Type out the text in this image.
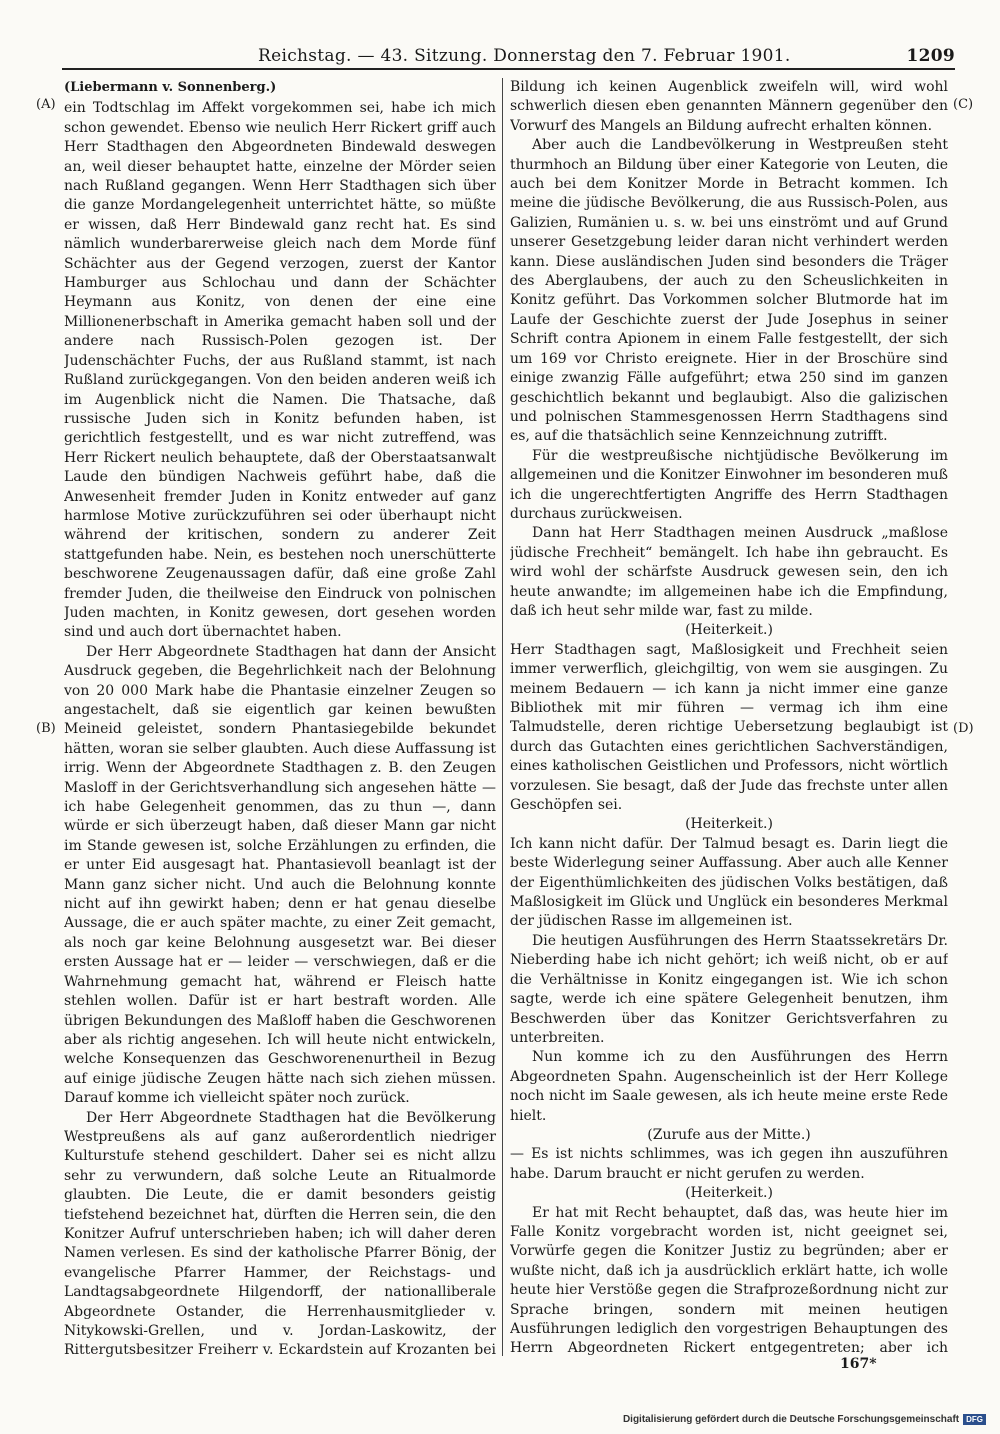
Reichstag. — 43. Sitzung. Donnerstag den 7. Februar 1901.	1209
(A)
(B)
(C)
(D)
(Liebermann v. Sonnenberg.)

ein Todtschlag im Affekt vorgekommen sei, habe ich mich schon gewendet. Ebenso wie neulich Herr Rickert griff auch Herr Stadthagen den Abgeordneten Bindewald deswegen an, weil dieser behauptet hatte, einzelne der Mörder seien nach Rußland gegangen. Wenn Herr Stadthagen sich über die ganze Mordangelegenheit unterrichtet hätte, so müßte er wissen, daß Herr Bindewald ganz recht hat. Es sind nämlich wunderbarerweise gleich nach dem Morde fünf Schächter aus der Gegend verzogen, zuerst der Kantor Hamburger aus Schlochau und dann der Schächter Heymann aus Konitz, von denen der eine eine Millionenerbschaft in Amerika gemacht haben soll und der andere nach Russisch-Polen gezogen ist. Der Judenschächter Fuchs, der aus Rußland stammt, ist nach Rußland zurückgegangen. Von den beiden anderen weiß ich im Augenblick nicht die Namen. Die Thatsache, daß russische Juden sich in Konitz befunden haben, ist gerichtlich festgestellt, und es war nicht zutreffend, was Herr Rickert neulich behauptete, daß der Oberstaatsanwalt Laude den bündigen Nachweis geführt habe, daß die Anwesenheit fremder Juden in Konitz entweder auf ganz harmlose Motive zurückzuführen sei oder überhaupt nicht während der kritischen, sondern zu anderer Zeit stattgefunden habe. Nein, es bestehen noch unerschütterte beschworene Zeugenaussagen dafür, daß eine große Zahl fremder Juden, die theilweise den Eindruck von polnischen Juden machten, in Konitz gewesen, dort gesehen worden sind und auch dort übernachtet haben.

Der Herr Abgeordnete Stadthagen hat dann der Ansicht Ausdruck gegeben, die Begehrlichkeit nach der Belohnung von 20 000 Mark habe die Phantasie einzelner Zeugen so angestachelt, daß sie eigentlich gar keinen bewußten Meineid geleistet, sondern Phantasiegebilde bekundet hätten, woran sie selber glaubten. Auch diese Auffassung ist irrig. Wenn der Abgeordnete Stadthagen z. B. den Zeugen Masloff in der Gerichtsverhandlung sich angesehen hätte — ich habe Gelegenheit genommen, das zu thun —, dann würde er sich überzeugt haben, daß dieser Mann gar nicht im Stande gewesen ist, solche Erzählungen zu erfinden, die er unter Eid ausgesagt hat. Phantasievoll beanlagt ist der Mann ganz sicher nicht. Und auch die Belohnung konnte nicht auf ihn gewirkt haben; denn er hat genau dieselbe Aussage, die er auch später machte, zu einer Zeit gemacht, als noch gar keine Belohnung ausgesetzt war. Bei dieser ersten Aussage hat er — leider — verschwiegen, daß er die Wahrnehmung gemacht hat, während er Fleisch hatte stehlen wollen. Dafür ist er hart bestraft worden. Alle übrigen Bekundungen des Maßloff haben die Geschworenen aber als richtig angesehen. Ich will heute nicht entwickeln, welche Konsequenzen das Geschworenenurtheil in Bezug auf einige jüdische Zeugen hätte nach sich ziehen müssen. Darauf komme ich vielleicht später noch zurück.

Der Herr Abgeordnete Stadthagen hat die Bevölkerung Westpreußens als auf ganz außerordentlich niedriger Kulturstufe stehend geschildert. Daher sei es nicht allzu sehr zu verwundern, daß solche Leute an Ritualmorde glaubten. Die Leute, die er damit besonders geistig tiefstehend bezeichnet hat, dürften die Herren sein, die den Konitzer Aufruf unterschrieben haben; ich will daher deren Namen verlesen. Es sind der katholische Pfarrer Bönig, der evangelische Pfarrer Hammer, der Reichstags- und Landtagsabgeordnete Hilgendorff, der nationalliberale Abgeordnete Ostander, die Herrenhausmitglieder v. Nitykowski-Grellen, und v. Jordan-Laskowitz, der Rittergutsbesitzer Freiherr v. Eckardstein auf Krozanten bei

Bildung ich keinen Augenblick zweifeln will, wird wohl schwerlich diesen eben genannten Männern gegenüber den Vorwurf des Mangels an Bildung aufrecht erhalten können.

Aber auch die Landbevölkerung in Westpreußen steht thurmhoch an Bildung über einer Kategorie von Leuten, die auch bei dem Konitzer Morde in Betracht kommen. Ich meine die jüdische Bevölkerung, die aus Russisch-Polen, aus Galizien, Rumänien u. s. w. bei uns einströmt und auf Grund unserer Gesetzgebung leider daran nicht verhindert werden kann. Diese ausländischen Juden sind besonders die Träger des Aberglaubens, der auch zu den Scheuslichkeiten in Konitz geführt. Das Vorkommen solcher Blutmorde hat im Laufe der Geschichte zuerst der Jude Josephus in seiner Schrift contra Apionem in einem Falle festgestellt, der sich um 169 vor Christo ereignete. Hier in der Broschüre sind einige zwanzig Fälle aufgeführt; etwa 250 sind im ganzen geschichtlich bekannt und beglaubigt. Also die galizischen und polnischen Stammesgenossen Herrn Stadthagens sind es, auf die thatsächlich seine Kennzeichnung zutrifft.

Für die westpreußische nichtjüdische Bevölkerung im allgemeinen und die Konitzer Einwohner im besonderen muß ich die ungerechtfertigten Angriffe des Herrn Stadthagen durchaus zurückweisen.

Dann hat Herr Stadthagen meinen Ausdruck „maßlose jüdische Frechheit“ bemängelt. Ich habe ihn gebraucht. Es wird wohl der schärfste Ausdruck gewesen sein, den ich heute anwandte; im allgemeinen habe ich die Empfindung, daß ich heut sehr milde war, fast zu milde.

(Heiterkeit.)

Herr Stadthagen sagt, Maßlosigkeit und Frechheit seien immer verwerflich, gleichgiltig, von wem sie ausgingen. Zu meinem Bedauern — ich kann ja nicht immer eine ganze Bibliothek mit mir führen — vermag ich ihm eine Talmudstelle, deren richtige Uebersetzung beglaubigt ist durch das Gutachten eines gerichtlichen Sachverständigen, eines katholischen Geistlichen und Professors, nicht wörtlich vorzulesen. Sie besagt, daß der Jude das frechste unter allen Geschöpfen sei.

(Heiterkeit.)

Ich kann nicht dafür. Der Talmud besagt es. Darin liegt die beste Widerlegung seiner Auffassung. Aber auch alle Kenner der Eigenthümlichkeiten des jüdischen Volks bestätigen, daß Maßlosigkeit im Glück und Unglück ein besonderes Merkmal der jüdischen Rasse im allgemeinen ist.

Die heutigen Ausführungen des Herrn Staatssekretärs Dr. Nieberding habe ich nicht gehört; ich weiß nicht, ob er auf die Verhältnisse in Konitz eingegangen ist. Wie ich schon sagte, werde ich eine spätere Gelegenheit benutzen, ihm Beschwerden über das Konitzer Gerichtsverfahren zu unterbreiten.

Nun komme ich zu den Ausführungen des Herrn Abgeordneten Spahn. Augenscheinlich ist der Herr Kollege noch nicht im Saale gewesen, als ich heute meine erste Rede hielt.

(Zurufe aus der Mitte.)

— Es ist nichts schlimmes, was ich gegen ihn auszuführen habe. Darum braucht er nicht gerufen zu werden.

(Heiterkeit.)

Er hat mit Recht behauptet, daß das, was heute hier im Falle Konitz vorgebracht worden ist, nicht geeignet sei, Vorwürfe gegen die Konitzer Justiz zu begründen; aber er wußte nicht, daß ich ja ausdrücklich erklärt hatte, ich wolle heute hier Verstöße gegen die Strafprozeßordnung nicht zur Sprache bringen, sondern mit meinen heutigen Ausführungen lediglich den vorgestrigen Behauptungen des Herrn Abgeordneten Rickert entgegentreten; aber ich

167*
Digitalisierung gefördert durch die Deutsche Forschungsgemeinschaft DFG
